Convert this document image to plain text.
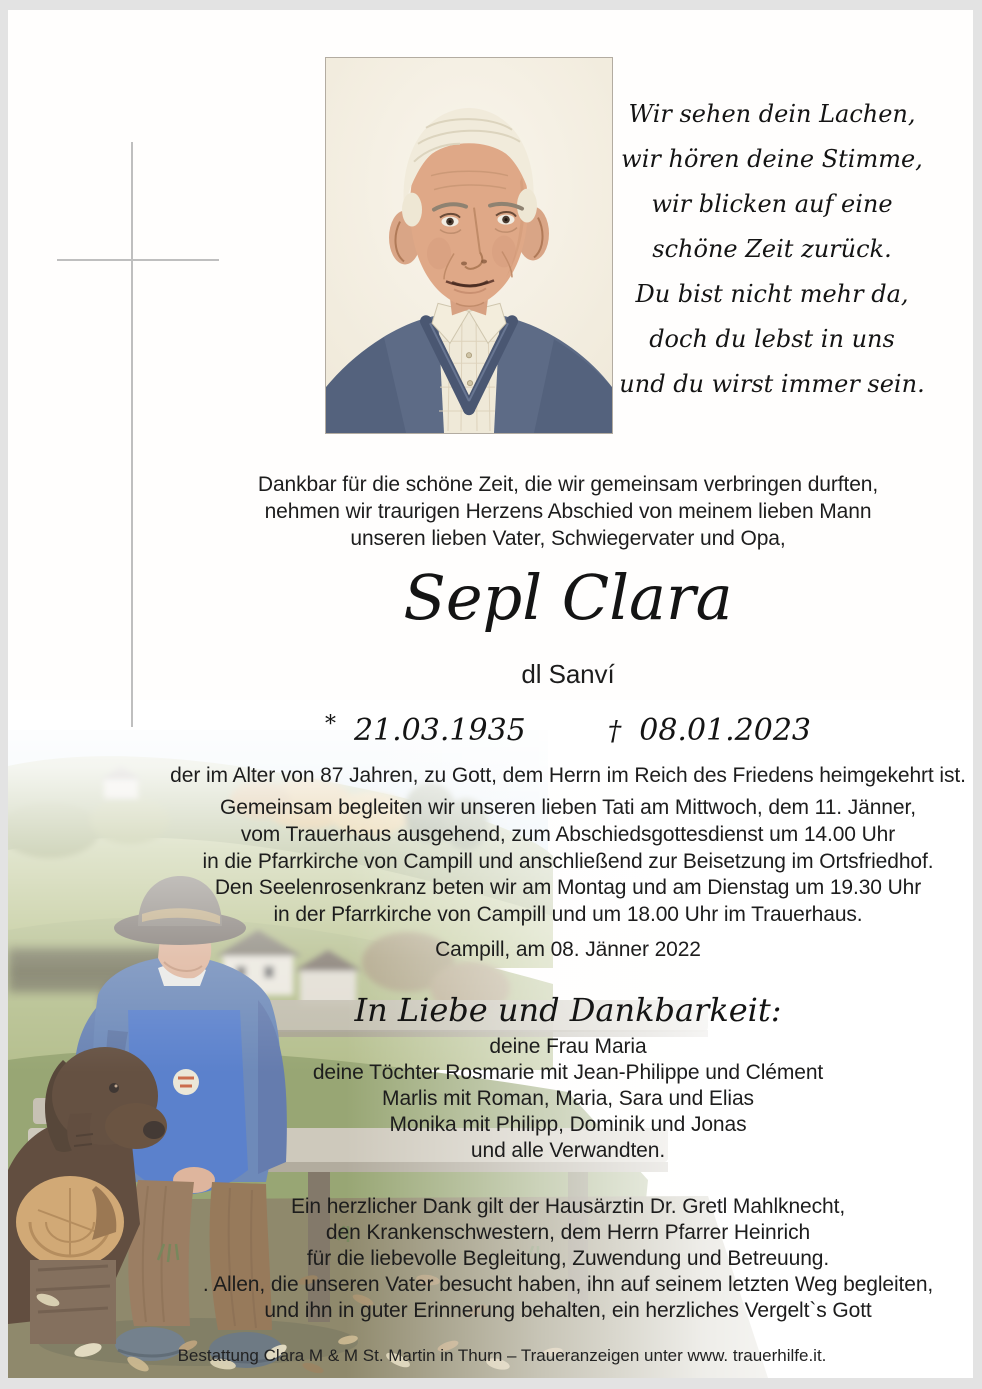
Wir sehen dein Lachen,
wir hören deine Stimme,
wir blicken auf eine
schöne Zeit zurück.
Du bist nicht mehr da,
doch du lebst in uns
und du wirst immer sein.
Dankbar für die schöne Zeit, die wir gemeinsam verbringen durften,
nehmen wir traurigen Herzens Abschied von meinem lieben Mann
unseren lieben Vater, Schwiegervater und Opa,
Sepl Clara
dl Sanví
* 21.03.1935	† 08.01.2023
der im Alter von 87 Jahren, zu Gott, dem Herrn im Reich des Friedens heimgekehrt ist.
Gemeinsam begleiten wir unseren lieben Tati am Mittwoch, dem 11. Jänner,
vom Trauerhaus ausgehend, zum Abschiedsgottesdienst um 14.00 Uhr
in die Pfarrkirche von Campill und anschließend zur Beisetzung im Ortsfriedhof.
Den Seelenrosenkranz beten wir am Montag und am Dienstag um 19.30 Uhr
in der Pfarrkirche von Campill und um 18.00 Uhr im Trauerhaus.
Campill, am 08. Jänner 2022
In Liebe und Dankbarkeit:
deine Frau Maria
deine Töchter Rosmarie mit Jean-Philippe und Clément
Marlis mit Roman, Maria, Sara und Elias
Monika mit Philipp, Dominik und Jonas
und alle Verwandten.
Ein herzlicher Dank gilt der Hausärztin Dr. Gretl Mahlknecht,
den Krankenschwestern, dem Herrn Pfarrer Heinrich
für die liebevolle Begleitung, Zuwendung und Betreuung.
. Allen, die unseren Vater besucht haben, ihn auf seinem letzten Weg begleiten,
und ihn in guter Erinnerung behalten, ein herzliches Vergelt`s Gott
Bestattung Clara M & M St. Martin in Thurn – Traueranzeigen unter www. trauerhilfe.it.
